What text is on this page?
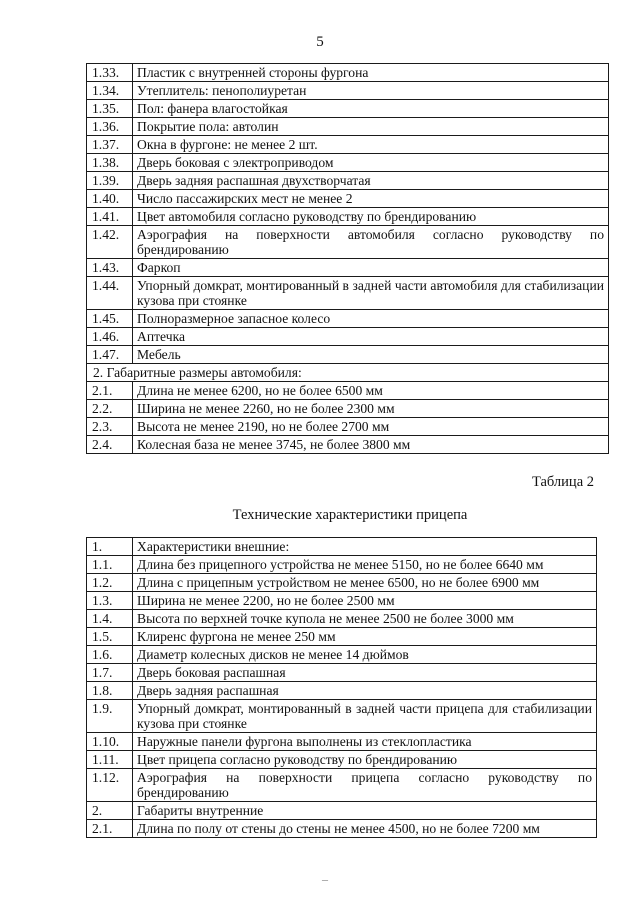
5
1.33.	Пластик с внутренней стороны фургона
1.34.	Утеплитель: пенополиуретан
1.35.	Пол: фанера влагостойкая
1.36.	Покрытие пола: автолин
1.37.	Окна в фургоне: не менее 2 шт.
1.38.	Дверь боковая с электроприводом
1.39.	Дверь задняя распашная двухстворчатая
1.40.	Число пассажирских мест не менее 2
1.41.	Цвет автомобиля согласно руководству по брендированию
1.42.	Аэрография на поверхности автомобиля согласно руководству по брендированию
1.43.	Фаркоп
1.44.	Упорный домкрат, монтированный в задней части автомобиля для стабилизации кузова при стоянке
1.45.	Полноразмерное запасное колесо
1.46.	Аптечка
1.47.	Мебель
2. Габаритные размеры автомобиля:	
2.1.	Длина не менее 6200, но не более 6500 мм
2.2.	Ширина не менее 2260, но не более 2300 мм
2.3.	Высота не менее 2190, но не более 2700 мм
2.4.	Колесная база не менее 3745, не более 3800 мм
Таблица 2
Технические характеристики прицепа
1.	Характеристики внешние:
1.1.	Длина без прицепного устройства не менее 5150, но не более 6640 мм
1.2.	Длина с прицепным устройством не менее 6500, но не более 6900 мм
1.3.	Ширина не менее 2200, но не более 2500 мм
1.4.	Высота по верхней точке купола не менее 2500 не более 3000 мм
1.5.	Клиренс фургона не менее 250 мм
1.6.	Диаметр колесных дисков не менее 14 дюймов
1.7.	Дверь боковая распашная
1.8.	Дверь задняя распашная
1.9.	Упорный домкрат, монтированный в задней части прицепа для стабилизации кузова при стоянке
1.10.	Наружные панели фургона выполнены из стеклопластика
1.11.	Цвет прицепа согласно руководству по брендированию
1.12.	Аэрография на поверхности прицепа согласно руководству по брендированию
2.	Габариты внутренние
2.1.	Длина по полу от стены до стены не менее 4500, но не более 7200 мм
–
